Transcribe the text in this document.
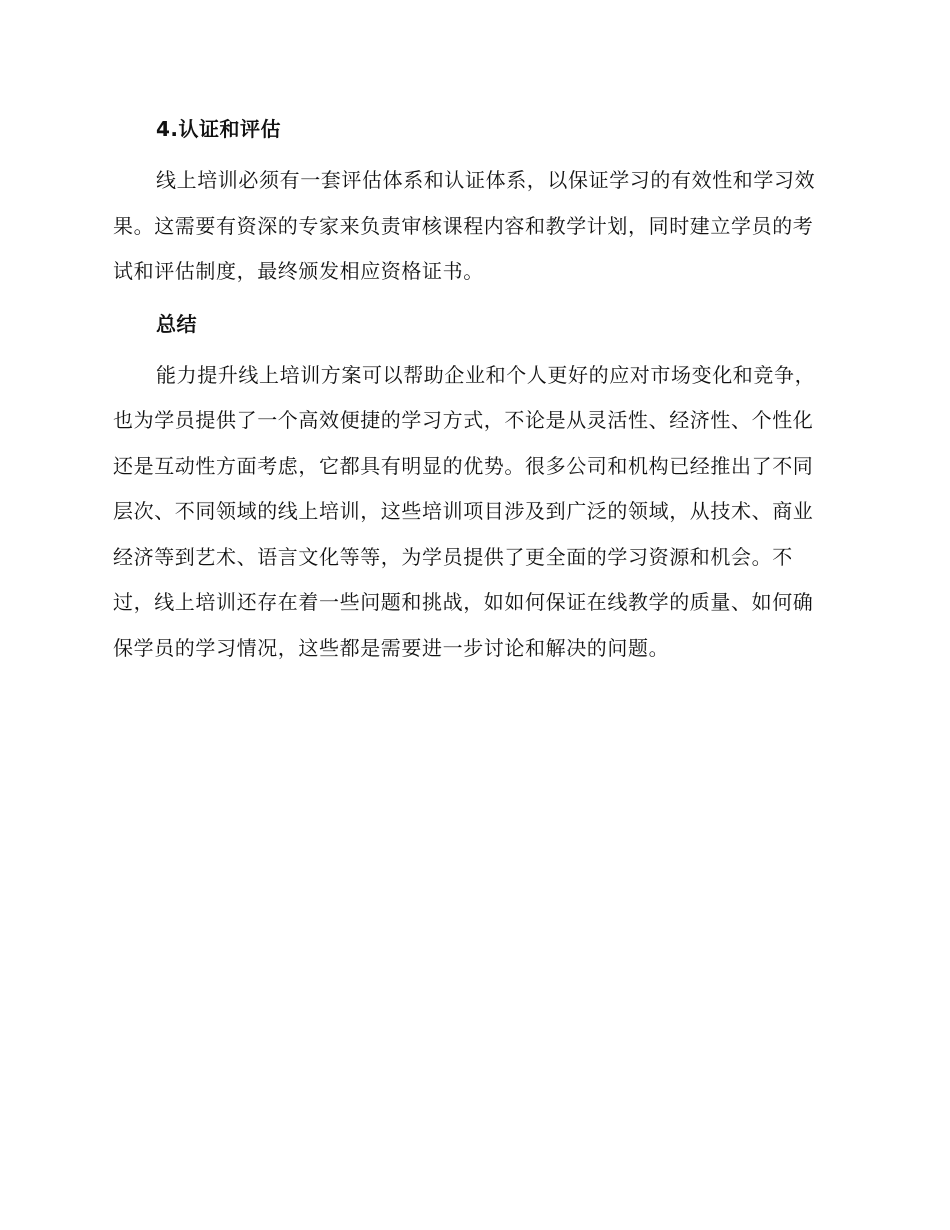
4.认证和评估

线上培训必须有一套评估体系和认证体系，以保证学习的有效性和学习效果。这需要有资深的专家来负责审核课程内容和教学计划，同时建立学员的考试和评估制度，最终颁发相应资格证书。

总结

能力提升线上培训方案可以帮助企业和个人更好的应对市场变化和竞争，也为学员提供了一个高效便捷的学习方式，不论是从灵活性、经济性、个性化还是互动性方面考虑，它都具有明显的优势。很多公司和机构已经推出了不同层次、不同领域的线上培训，这些培训项目涉及到广泛的领域，从技术、商业经济等到艺术、语言文化等等，为学员提供了更全面的学习资源和机会。不过，线上培训还存在着一些问题和挑战，如如何保证在线教学的质量、如何确保学员的学习情况，这些都是需要进一步讨论和解决的问题。
